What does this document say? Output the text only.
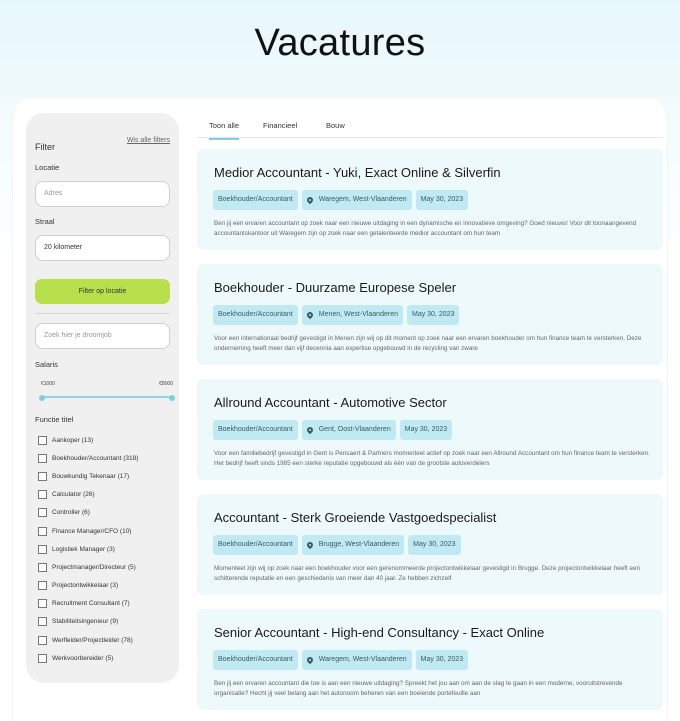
Vacatures
Filter
Wis alle filters
Locatie
Adres
Straal
20 kilometer
Filter op locatie
Zoek hier je droomjob
Salaris
€1000	€8000
Functie titel
Aankoper (13)
Boekhouder/Accountant (318)
Bouwkundig Tekenaar (17)
Calculator (26)
Controller (6)
Finance Manager/CFO (10)
Logistiek Manager (3)
Projectmanager/Directeur (5)
Projectontwikkelaar (3)
Recruitment Consultant (7)
Stabiliteitsingenieur (9)
Werfleider/Projectleider (78)
Werkvoorbereider (5)
Toon alle	Financieel	Bouw
Medior Accountant - Yuki, Exact Online & Silverfin
Boekhouder/Accountant	Waregem, West-Vlaanderen	May 30, 2023
Ben jij een ervaren accountant op zoek naar een nieuwe uitdaging in een dynamische en innovatieve omgeving? Goed nieuws! Voor dit toonaangevend accountantskantoor uit Waregem zijn op zoek naar een getalenteerde medior accountant om hun team
Boekhouder - Duurzame Europese Speler
Boekhouder/Accountant	Menen, West-Vlaanderen	May 30, 2023
Voor een internationaal bedrijf gevestigd in Menen zijn wij op dit moment op zoek naar een ervaren boekhouder om hun finance team te versterken. Deze onderneming heeft meer dan vijf decennia aan expertise opgebouwd in de recycling van zware
Allround Accountant - Automotive Sector
Boekhouder/Accountant	Gent, Oost-Vlaanderen	May 30, 2023
Voor een familiebedrijf gevestigd in Gent is Pensaert & Partners momenteel actief op zoek naar een Allround Accountant om hun finance team te versterken. Het bedrijf heeft sinds 1985 een sterke reputatie opgebouwd als één van de grootste autoverdelers
Accountant - Sterk Groeiende Vastgoedspecialist
Boekhouder/Accountant	Brugge, West-Vlaanderen	May 30, 2023
Momenteel zijn wij op zoek naar een boekhouder voor een gerenommeerde projectontwikkelaar gevestigd in Brugge. Deze projectontwikkelaar heeft een schitterende reputatie en een geschiedenis van meer dan 40 jaar. Ze hebben zichzelf
Senior Accountant - High-end Consultancy - Exact Online
Boekhouder/Accountant	Waregem, West-Vlaanderen	May 30, 2023
Ben jij een ervaren accountant die toe is aan een nieuwe uitdaging? Spreekt het jou aan om aan de slag te gaan in een moderne, vooruitstrevende organisatie? Hecht jij veel belang aan het autonoom beheren van een boeiende portefeuille aan
